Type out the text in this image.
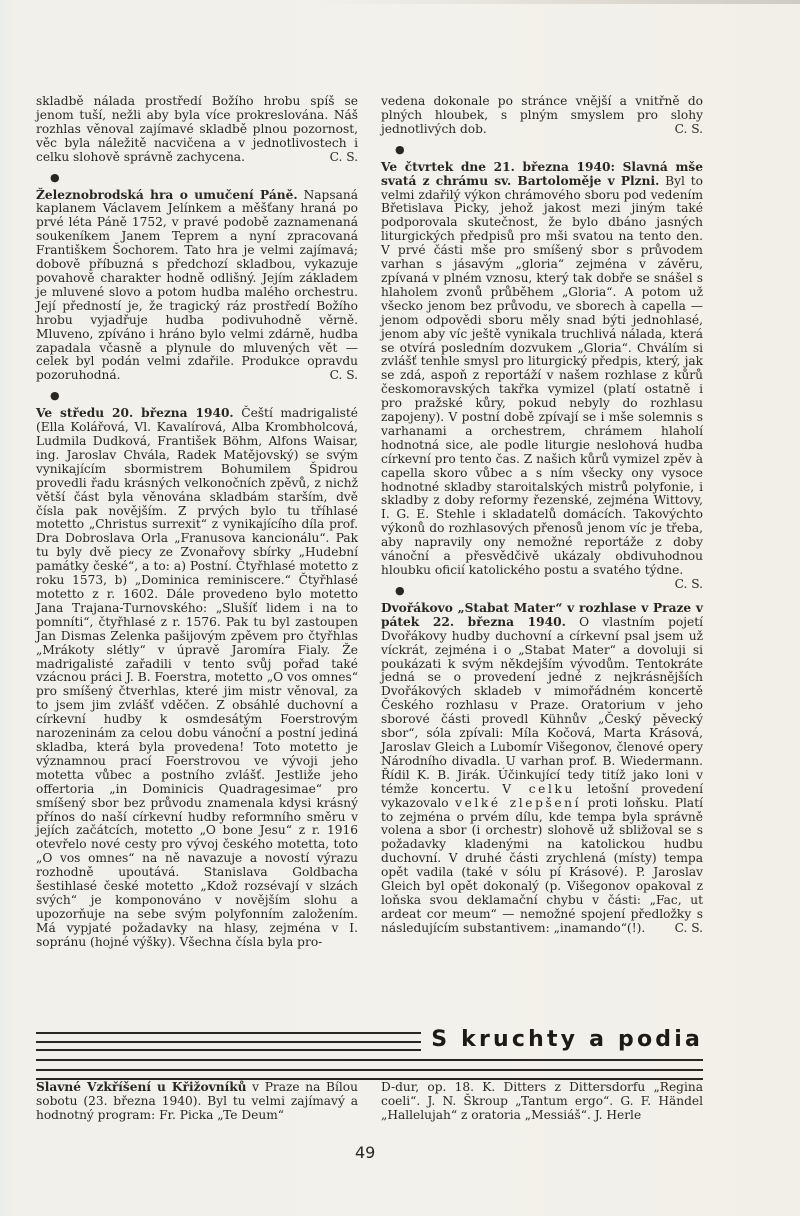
skladbě nálada prostředí Božího hrobu spíš se jenom tuší, nežli aby byla více prokreslována. Náš rozhlas věnoval zajímavé skladbě plnou pozornost, věc byla náležitě nacvičena a v jednotlivostech i celku slohově správně zachycena.	C. S.

●

Železnobrodská hra o umučení Páně. Napsaná kaplanem Václavem Jelínkem a měšťany hraná po prvé léta Páně 1752, v pravé podobě zaznamenaná soukeníkem Janem Teprem a nyní zpracovaná Františkem Šochorem. Tato hra je velmi zajímavá; dobově příbuzná s předchozí skladbou, vykazuje povahově charakter hodně odlišný. Jejím základem je mluvené slovo a potom hudba malého orchestru. Její předností je, že tragický ráz prostředí Božího hrobu vyjadřuje hudba podivuhodně věrně. Mluveno, zpíváno i hráno bylo velmi zdárně, hudba zapadala včasně a plynule do mluvených vět — celek byl podán velmi zdařile. Produkce opravdu pozoruhodná.	C. S.

●

Ve středu 20. března 1940. Čeští madrigalisté (Ella Kolářová, Vl. Kavalírová, Alba Krombholcová, Ludmila Dudková, František Böhm, Alfons Waisar, ing. Jaroslav Chvála, Radek Matějovský) se svým vynikajícím sbormistrem Bohumilem Špidrou provedli řadu krásných velkonočních zpěvů, z nichž větší část byla věnována skladbám starším, dvě čísla pak novějším. Z prvých bylo tu tříhlasé motetto „Christus surrexit“ z vynikajícího díla prof. Dra Dobroslava Orla „Franusova kancionálu“. Pak tu byly dvě piecy ze Zvonařovy sbírky „Hudební památky české“, a to: a) Postní. Čtyřhlasé motetto z roku 1573, b) „Dominica reminiscere.“ Čtyřhlasé motetto z r. 1602. Dále provedeno bylo motetto Jana Trajana-Turnovského: „Slušíť lidem i na to pomníti“, čtyřhlasé z r. 1576. Pak tu byl zastoupen Jan Dismas Zelenka pašijovým zpěvem pro čtyřhlas „Mrákoty slétly“ v úpravě Jaromíra Fialy. Že madrigalisté zařadili v tento svůj pořad také vzácnou práci J. B. Foerstra, motetto „O vos omnes“ pro smíšený čtverhlas, které jim mistr věnoval, za to jsem jim zvlášť vděčen. Z obsáhlé duchovní a církevní hudby k osmdesátým Foerstrovým narozeninám za celou dobu vánoční a postní jediná skladba, která byla provedena! Toto motetto je významnou prací Foerstrovou ve vývoji jeho motetta vůbec a postního zvlášť. Jestliže jeho offertoria „in Dominicis Quadragesimae“ pro smíšený sbor bez průvodu znamenala kdysi krásný přínos do naší církevní hudby reformního směru v jejích začátcích, motetto „O bone Jesu“ z r. 1916 otevřelo nové cesty pro vývoj českého motetta, toto „O vos omnes“ na ně navazuje a novostí výrazu rozhodně upoutává. Stanislava Goldbacha šestihlasé české motetto „Kdož rozsévají v slzách svých“ je komponováno v novějším slohu a upozorňuje na sebe svým polyfonním založením. Má vypjaté požadavky na hlasy, zejména v I. sopránu (hojné výšky). Všechna čísla byla pro-

vedena dokonale po stránce vnější a vnitřně do plných hloubek, s plným smyslem pro slohy jednotlivých dob.	C. S.

●

Ve čtvrtek dne 21. března 1940: Slavná mše svatá z chrámu sv. Bartoloměje v Plzni. Byl to velmi zdařilý výkon chrámového sboru pod vedením Břetislava Picky, jehož jakost mezi jiným také podporovala skutečnost, že bylo dbáno jasných liturgických předpisů pro mši svatou na tento den. V prvé části mše pro smíšený sbor s průvodem varhan s jásavým „gloria“ zejména v závěru, zpívaná v plném vznosu, který tak dobře se snášel s hlaholem zvonů průběhem „Gloria“. A potom už všecko jenom bez průvodu, ve sborech à capella — jenom odpovědi sboru měly snad býti jednohlasé, jenom aby víc ještě vynikala truchlivá nálada, která se otvírá posledním dozvukem „Gloria“. Chválím si zvlášť tenhle smysl pro liturgický předpis, který, jak se zdá, aspoň z reportáží v našem rozhlase z kůrů českomoravských takřka vymizel (platí ostatně i pro pražské kůry, pokud nebyly do rozhlasu zapojeny). V postní době zpívají se i mše solemnis s varhanami a orchestrem, chrámem hlaholí hodnotná sice, ale podle liturgie neslohová hudba církevní pro tento čas. Z našich kůrů vymizel zpěv à capella skoro vůbec a s ním všecky ony vysoce hodnotné skladby staroitalských mistrů polyfonie, i skladby z doby reformy řezenské, zejména Wittovy, I. G. E. Stehle i skladatelů domácích. Takovýchto výkonů do rozhlasových přenosů jenom víc je třeba, aby napravily ony nemožné reportáže z doby vánoční a přesvědčivě ukázaly obdivuhodnou hloubku oficií katolického postu a svatého týdne.
C. S.

●

Dvořákovo „Stabat Mater“ v rozhlase v Praze v pátek 22. března 1940. O vlastním pojetí Dvořákovy hudby duchovní a církevní psal jsem už víckrát, zejména i o „Stabat Mater“ a dovoluji si poukázati k svým někdejším vývodům. Tentokráte jedná se o provedení jedné z nejkrásnějších Dvořákových skladeb v mimořádném koncertě Českého rozhlasu v Praze. Oratorium v jeho sborové části provedl Kühnův „Český pěvecký sbor“, sóla zpívali: Míla Kočová, Marta Krásová, Jaroslav Gleich a Lubomír Višegonov, členové opery Národního divadla. U varhan prof. B. Wiedermann. Řídil K. B. Jirák. Účinkující tedy titíž jako loni v témže koncertu. V celku letošní provedení vykazovalo velké zlepšení proti loňsku. Platí to zejména o prvém dílu, kde tempa byla správně volena a sbor (i orchestr) slohově už sbližoval se s požadavky kladenými na katolickou hudbu duchovní. V druhé části zrychlená (místy) tempa opět vadila (také v sólu pí Krásové). P. Jaroslav Gleich byl opět dokonalý (p. Višegonov opakoval z loňska svou deklamační chybu v části: „Fac, ut ardeat cor meum“ — nemožné spojení předložky s následujícím substantivem: „inamando“(!). C. S.

S kruchty a podia

Slavné Vzkříšení u Křižovníků v Praze na Bílou sobotu (23. března 1940). Byl tu velmi zajímavý a hodnotný program: Fr. Picka „Te Deum“

D-dur, op. 18. K. Ditters z Dittersdorfu „Regina coeli“. J. N. Škroup „Tantum ergo“. G. F. Händel „Hallelujah“ z oratoria „Messiáš“. J. Herle

49
